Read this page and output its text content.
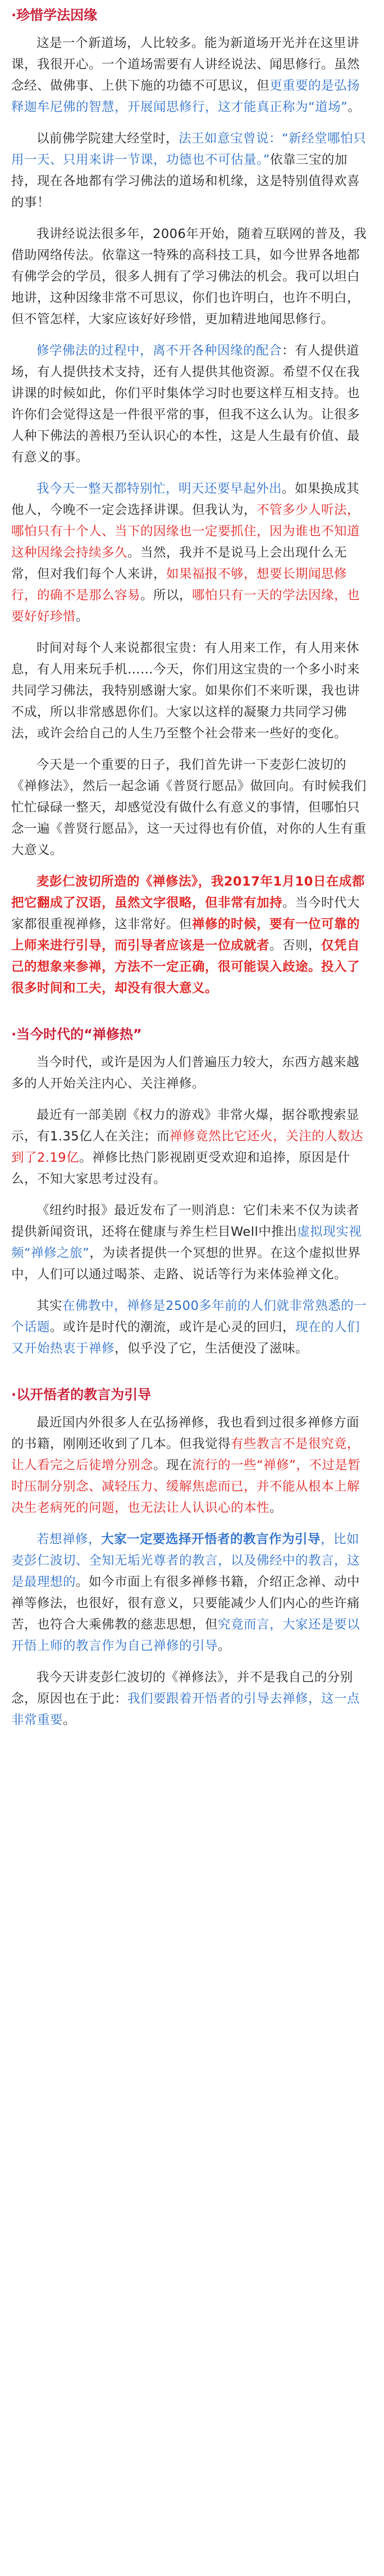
·珍惜学法因缘

这是一个新道场，人比较多。能为新道场开光并在这里讲课，我很开心。一个道场需要有人讲经说法、闻思修行。虽然念经、做佛事、上供下施的功德不可思议，但更重要的是弘扬释迦牟尼佛的智慧，开展闻思修行，这才能真正称为“道场”。

以前佛学院建大经堂时，法王如意宝曾说：“新经堂哪怕只用一天、只用来讲一节课，功德也不可估量。”依靠三宝的加持，现在各地都有学习佛法的道场和机缘，这是特别值得欢喜的事！

我讲经说法很多年，2006年开始，随着互联网的普及，我借助网络传法。依靠这一特殊的高科技工具，如今世界各地都有佛学会的学员，很多人拥有了学习佛法的机会。我可以坦白地讲，这种因缘非常不可思议，你们也许明白，也许不明白，但不管怎样，大家应该好好珍惜，更加精进地闻思修行。

修学佛法的过程中，离不开各种因缘的配合：有人提供道场，有人提供技术支持，还有人提供其他资源。希望不仅在我讲课的时候如此，你们平时集体学习时也要这样互相支持。也许你们会觉得这是一件很平常的事，但我不这么认为。让很多人种下佛法的善根乃至认识心的本性，这是人生最有价值、最有意义的事。

我今天一整天都特别忙，明天还要早起外出。如果换成其他人，今晚不一定会选择讲课。但我认为，不管多少人听法，哪怕只有十个人、当下的因缘也一定要抓住，因为谁也不知道这种因缘会持续多久。当然，我并不是说马上会出现什么无常，但对我们每个人来讲，如果福报不够，想要长期闻思修行，的确不是那么容易。所以，哪怕只有一天的学法因缘，也要好好珍惜。

时间对每个人来说都很宝贵：有人用来工作，有人用来休息，有人用来玩手机……今天，你们用这宝贵的一个多小时来共同学习佛法，我特别感谢大家。如果你们不来听课，我也讲不成，所以非常感恩你们。大家以这样的凝聚力共同学习佛法，或许会给自己的人生乃至整个社会带来一些好的变化。

今天是一个重要的日子，我们首先讲一下麦彭仁波切的《禅修法》，然后一起念诵《普贤行愿品》做回向。有时候我们忙忙碌碌一整天，却感觉没有做什么有意义的事情，但哪怕只念一遍《普贤行愿品》，这一天过得也有价值，对你的人生有重大意义。

麦彭仁波切所造的《禅修法》，我2017年1月10日在成都把它翻成了汉语，虽然文字很略，但非常有加持。当今时代大家都很重视禅修，这非常好。但禅修的时候，要有一位可靠的上师来进行引导，而引导者应该是一位成就者。否则，仅凭自己的想象来参禅，方法不一定正确，很可能误入歧途。投入了很多时间和工夫，却没有很大意义。

·当今时代的“禅修热”

当今时代，或许是因为人们普遍压力较大，东西方越来越多的人开始关注内心、关注禅修。

最近有一部美剧《权力的游戏》非常火爆，据谷歌搜索显示，有1.35亿人在关注；而禅修竟然比它还火，关注的人数达到了2.19亿。禅修比热门影视剧更受欢迎和追捧，原因是什么，不知大家思考过没有。

《纽约时报》最近发布了一则消息：它们未来不仅为读者提供新闻资讯，还将在健康与养生栏目Well中推出虚拟现实视频“禅修之旅”，为读者提供一个冥想的世界。在这个虚拟世界中，人们可以通过喝茶、走路、说话等行为来体验禅文化。

其实在佛教中，禅修是2500多年前的人们就非常熟悉的一个话题。或许是时代的潮流，或许是心灵的回归，现在的人们又开始热衷于禅修，似乎没了它，生活便没了滋味。

·以开悟者的教言为引导

最近国内外很多人在弘扬禅修，我也看到过很多禅修方面的书籍，刚刚还收到了几本。但我觉得有些教言不是很究竟，让人看完之后徒增分别念。现在流行的一些“禅修”，不过是暂时压制分别念、减轻压力、缓解焦虑而已，并不能从根本上解决生老病死的问题，也无法让人认识心的本性。

若想禅修，大家一定要选择开悟者的教言作为引导，比如麦彭仁波切、全知无垢光尊者的教言，以及佛经中的教言，这是最理想的。如今市面上有很多禅修书籍，介绍正念禅、动中禅等修法，也很好，很有意义，只要能减少人们内心的些许痛苦，也符合大乘佛教的慈悲思想，但究竟而言，大家还是要以开悟上师的教言作为自己禅修的引导。

我今天讲麦彭仁波切的《禅修法》，并不是我自己的分别念，原因也在于此：我们要跟着开悟者的引导去禅修，这一点非常重要。
